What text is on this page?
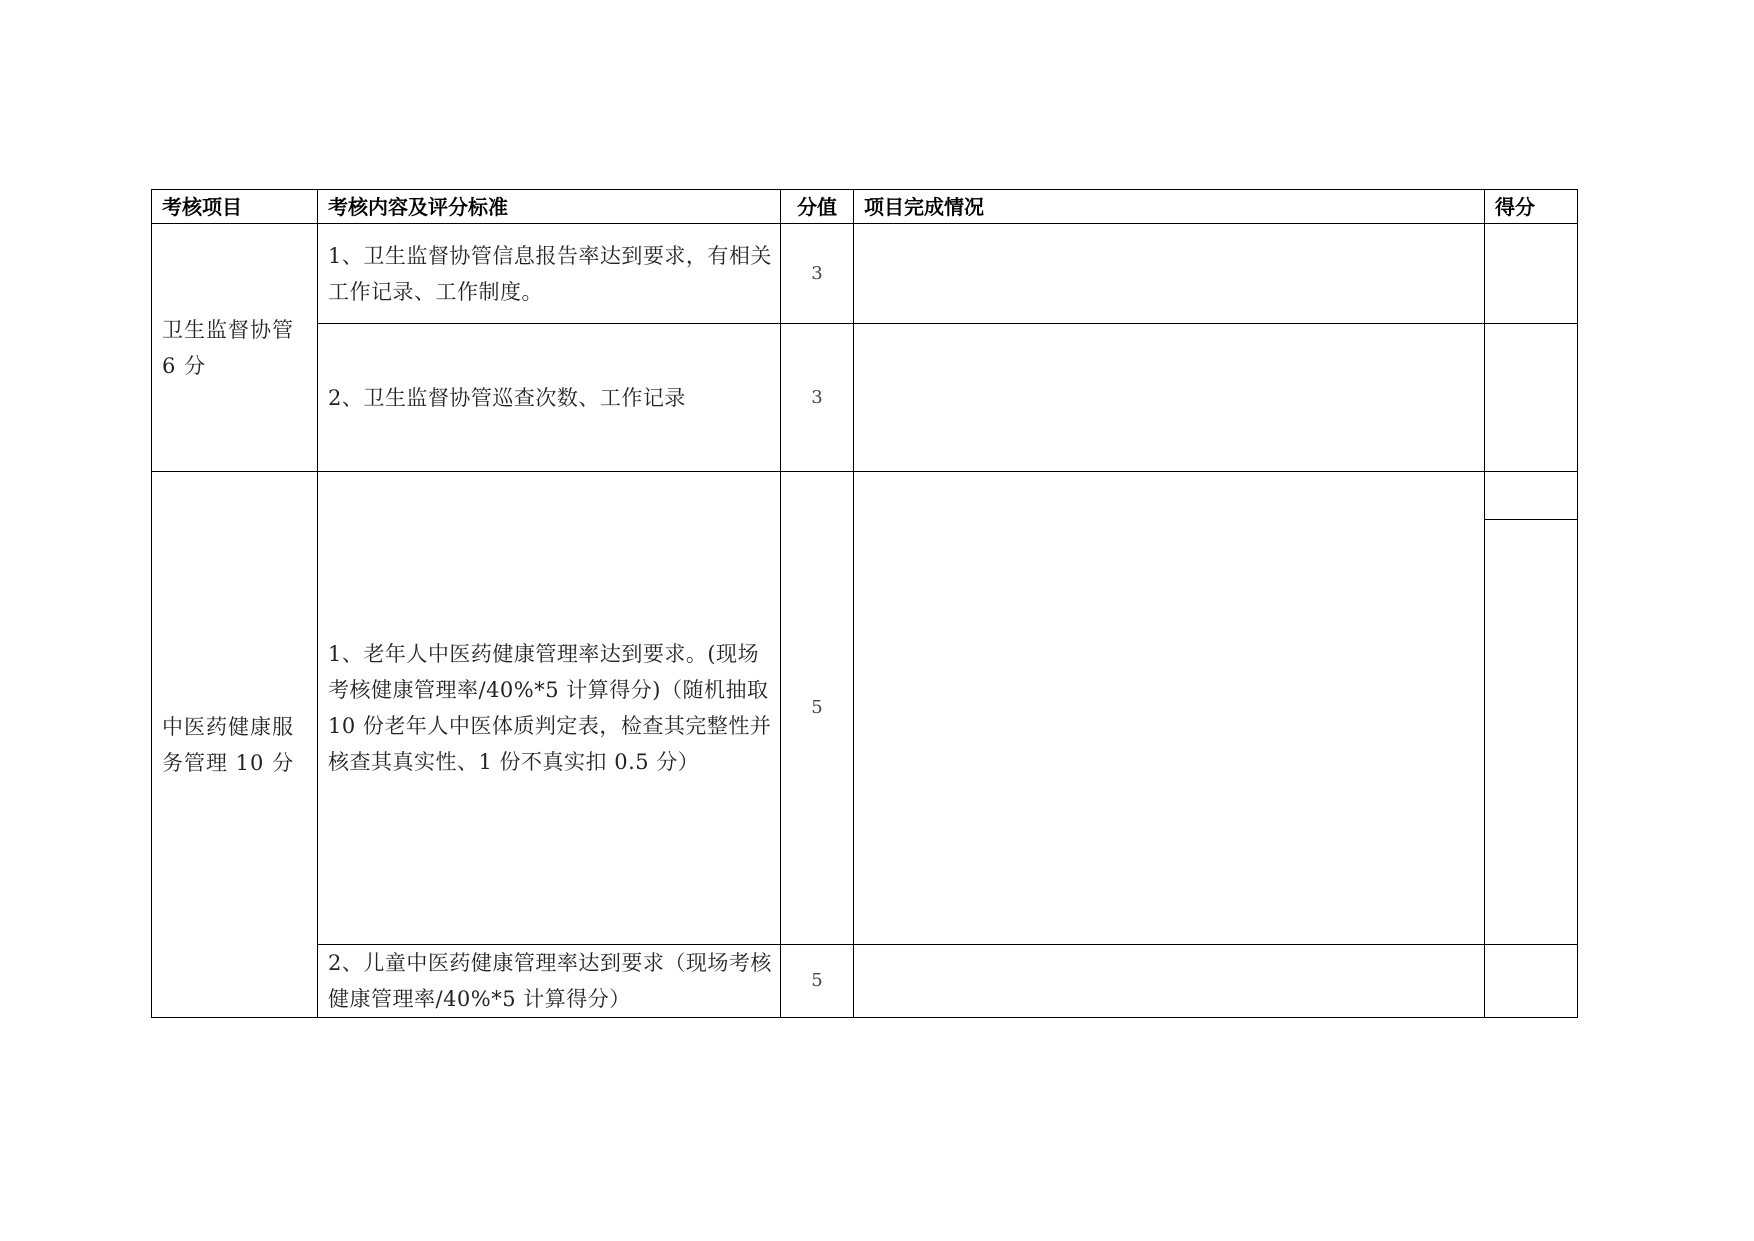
考核项目	考核内容及评分标准	分值	项目完成情况	得分
卫生监督协管 6 分	1、卫生监督协管信息报告率达到要求，有相关工作记录、工作制度。	3		
	2、卫生监督协管巡查次数、工作记录	3		
中医药健康服务管理 10 分	1、老年人中医药健康管理率达到要求。(现场考核健康管理率/40%*5 计算得分)（随机抽取 10 份老年人中医体质判定表，检查其完整性并核查其真实性、1 份不真实扣 0.5 分）	5		

	2、儿童中医药健康管理率达到要求（现场考核健康管理率/40%*5 计算得分）	5		
